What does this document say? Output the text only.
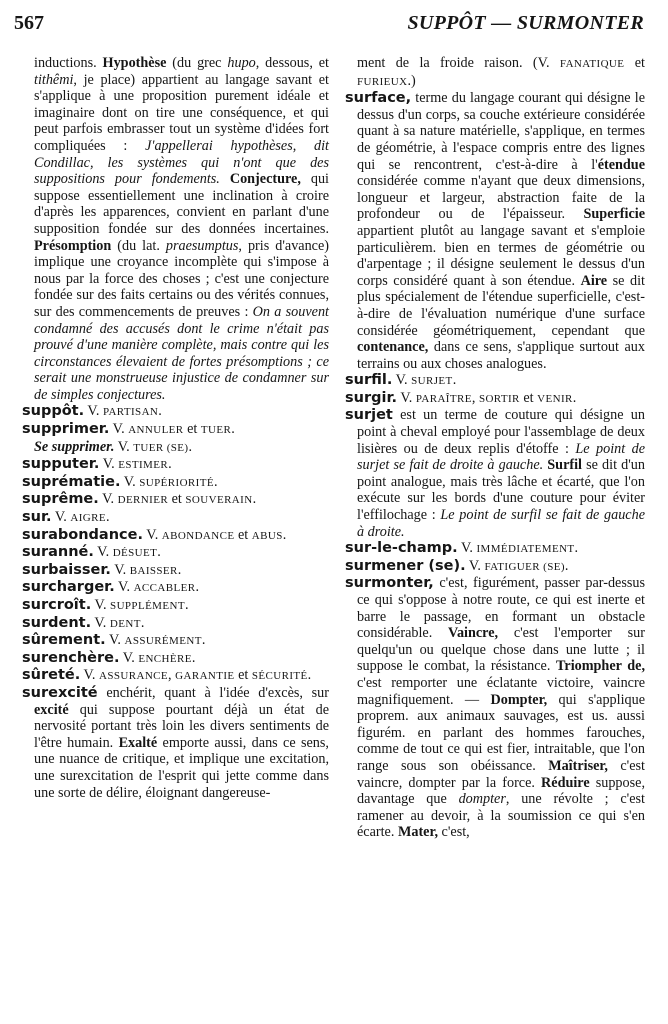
567	SUPPÔT — SURMONTER
inductions. Hypothèse (du grec hupo, dessous, et tithêmi, je place) appartient au langage savant et s'applique à une proposition purement idéale et imaginaire dont on tire une conséquence, et qui peut parfois embrasser tout un système d'idées fort compliquées : J'appellerai hypothèses, dit Condillac, les systèmes qui n'ont que des suppositions pour fondements. Conjecture, qui suppose essentiellement une inclination à croire d'après les apparences, convient en parlant d'une supposition fondée sur des données incertaines. Présomption (du lat. praesumptus, pris d'avance) implique une croyance incomplète qui s'impose à nous par la force des choses ; c'est une conjecture fondée sur des faits certains ou des vérités connues, sur des commencements de preuves : On a souvent condamné des accusés dont le crime n'était pas prouvé d'une manière complète, mais contre qui les circonstances élevaient de fortes présomptions ; ce serait une monstrueuse injustice de condamner sur de simples conjectures.
suppôt. V. PARTISAN.
supprimer. V. ANNULER et TUER.
Se supprimer. V. TUER (SE).
supputer. V. ESTIMER.
suprématie. V. SUPÉRIORITÉ.
suprême. V. DERNIER et SOUVERAIN.
sur. V. AIGRE.
surabondance. V. ABONDANCE et ABUS.
suranné. V. DÉSUET.
surbaisser. V. BAISSER.
surcharger. V. ACCABLER.
surcroît. V. SUPPLÉMENT.
surdent. V. DENT.
sûrement. V. ASSURÉMENT.
surenchère. V. ENCHÈRE.
sûreté. V. ASSURANCE, GARANTIE et SÉCURITÉ.
surexcité enchérit, quant à l'idée d'excès, sur excité qui suppose pourtant déjà un état de nervosité portant très loin les divers sentiments de l'être humain. Exalté emporte aussi, dans ce sens, une nuance de critique, et implique une excitation, une surexcitation de l'esprit qui jette comme dans une sorte de délire, éloignant dangereuse-
ment de la froide raison. (V. FANATIQUE et FURIEUX.)
surface, terme du langage courant qui désigne le dessus d'un corps, sa couche extérieure considérée quant à sa nature matérielle, s'applique, en termes de géométrie, à l'espace compris entre des lignes qui se rencontrent, c'est-à-dire à l'étendue considérée comme n'ayant que deux dimensions, longueur et largeur, abstraction faite de la profondeur ou de l'épaisseur. Superficie appartient plutôt au langage savant et s'emploie particulièrem. bien en termes de géométrie ou d'arpentage ; il désigne seulement le dessus d'un corps considéré quant à son étendue. Aire se dit plus spécialement de l'étendue superficielle, c'est-à-dire de l'évaluation numérique d'une surface considérée géométriquement, cependant que contenance, dans ce sens, s'applique surtout aux terrains ou aux choses analogues.
surfil. V. SURJET.
surgir. V. PARAÎTRE, SORTIR et VENIR.
surjet est un terme de couture qui désigne un point à cheval employé pour l'assemblage de deux lisières ou de deux replis d'étoffe : Le point de surjet se fait de droite à gauche. Surfil se dit d'un point analogue, mais très lâche et écarté, que l'on exécute sur les bords d'une couture pour éviter l'effilochage : Le point de surfil se fait de gauche à droite.
sur-le-champ. V. IMMÉDIATEMENT.
surmener (se). V. FATIGUER (SE).
surmonter, c'est, figurément, passer par-dessus ce qui s'oppose à notre route, ce qui est inerte et barre le passage, en formant un obstacle considérable. Vaincre, c'est l'emporter sur quelqu'un ou quelque chose dans une lutte ; il suppose le combat, la résistance. Triompher de, c'est remporter une éclatante victoire, vaincre magnifiquement. — Dompter, qui s'applique proprem. aux animaux sauvages, est us. aussi figurém. en parlant des hommes farouches, comme de tout ce qui est fier, intraitable, que l'on range sous son obéissance. Maîtriser, c'est vaincre, dompter par la force. Réduire suppose, davantage que dompter, une révolte ; c'est ramener au devoir, à la soumission ce qui s'en écarte. Mater, c'est,
